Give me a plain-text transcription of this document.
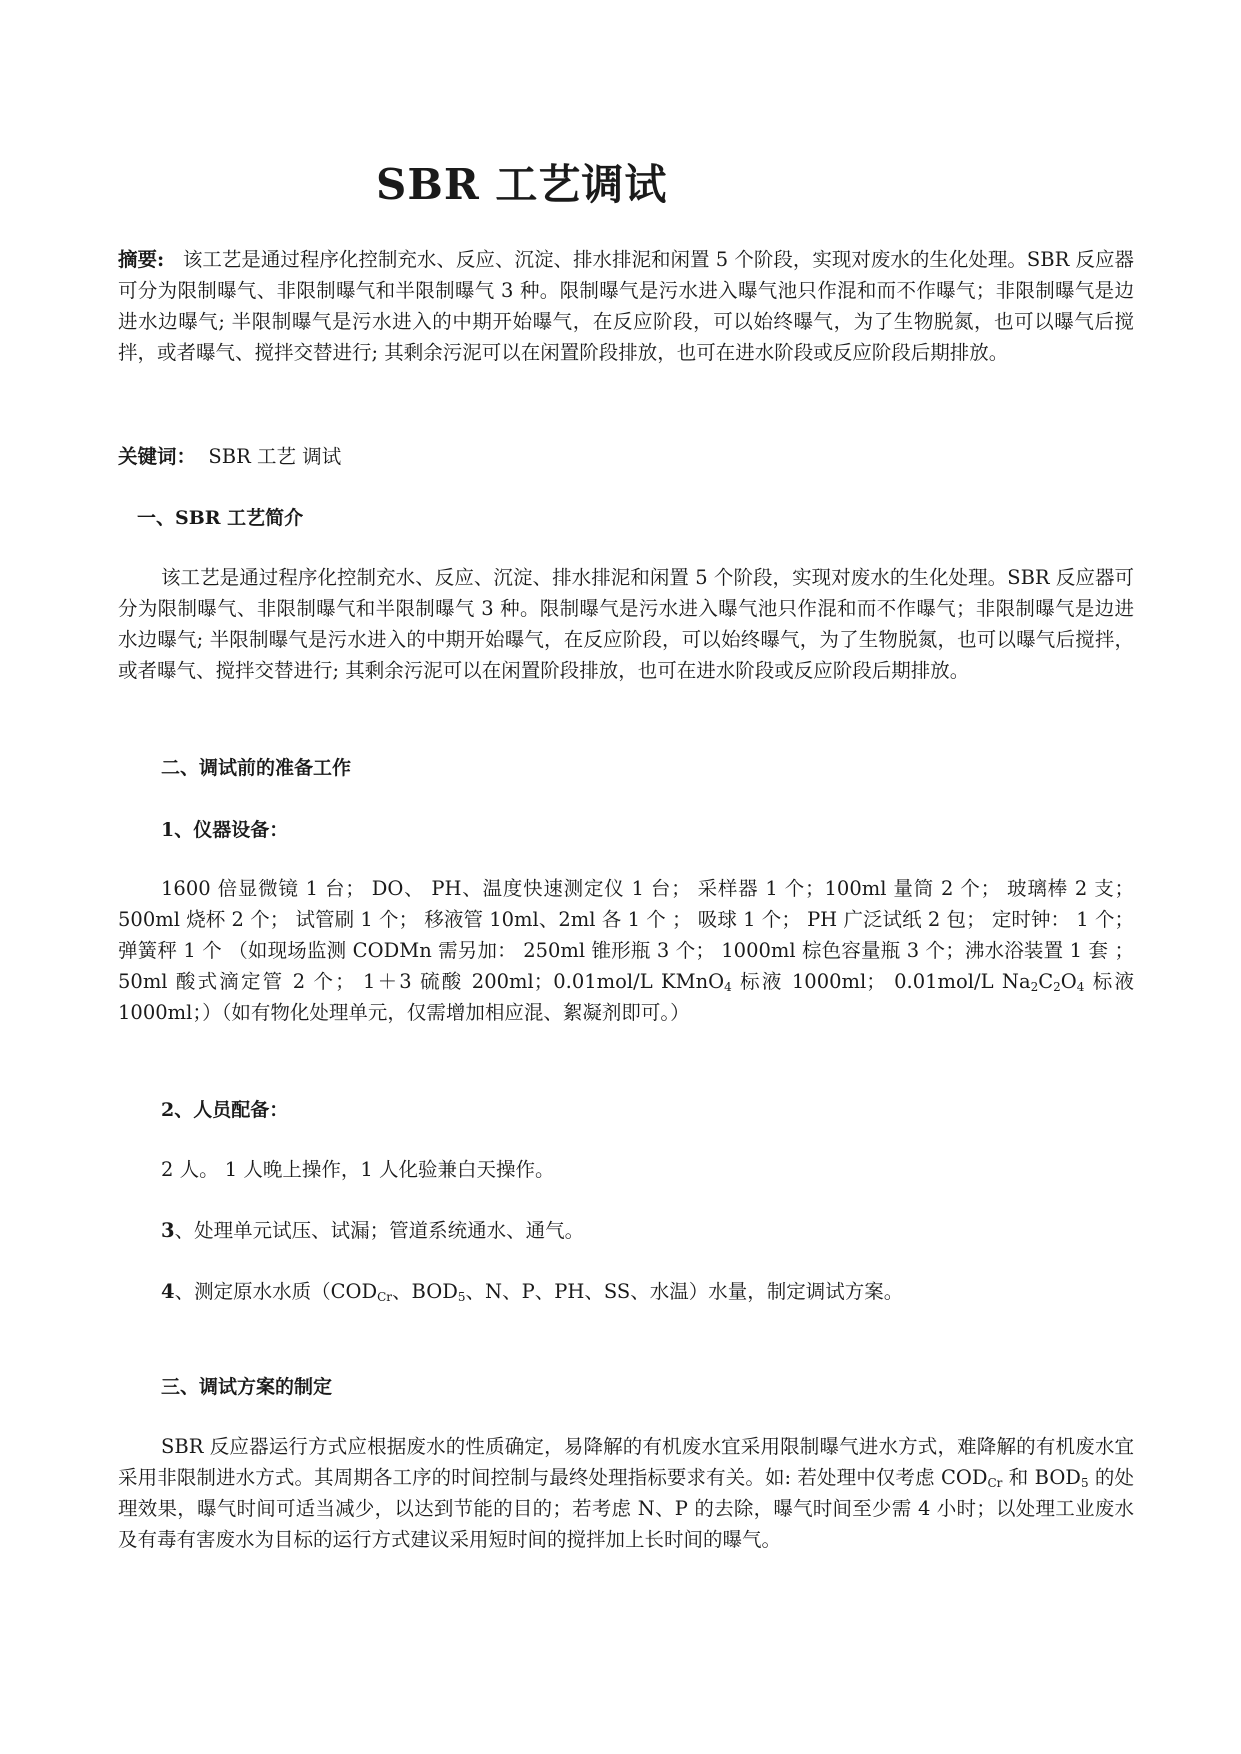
SBR 工艺调试
摘要: 该工艺是通过程序化控制充水、反应、沉淀、排水排泥和闲置 5 个阶段，实现对废水的生化处理。SBR 反应器可分为限制曝气、非限制曝气和半限制曝气 3 种。限制曝气是污水进入曝气池只作混和而不作曝气；非限制曝气是边进水边曝气; 半限制曝气是污水进入的中期开始曝气，在反应阶段，可以始终曝气，为了生物脱氮，也可以曝气后搅拌，或者曝气、搅拌交替进行; 其剩余污泥可以在闲置阶段排放，也可在进水阶段或反应阶段后期排放。
关键词： SBR 工艺 调试
一、SBR 工艺简介
该工艺是通过程序化控制充水、反应、沉淀、排水排泥和闲置 5 个阶段，实现对废水的生化处理。SBR 反应器可分为限制曝气、非限制曝气和半限制曝气 3 种。限制曝气是污水进入曝气池只作混和而不作曝气；非限制曝气是边进水边曝气; 半限制曝气是污水进入的中期开始曝气，在反应阶段，可以始终曝气，为了生物脱氮，也可以曝气后搅拌，或者曝气、搅拌交替进行; 其剩余污泥可以在闲置阶段排放，也可在进水阶段或反应阶段后期排放。
二、调试前的准备工作
1、仪器设备：
1600 倍显微镜 1 台； DO、 PH、温度快速测定仪 1 台； 采样器 1 个；100ml 量筒 2 个； 玻璃棒 2 支； 500ml 烧杯 2 个； 试管刷 1 个； 移液管 10ml、2ml 各 1 个 ； 吸球 1 个； PH 广泛试纸 2 包； 定时钟： 1 个； 弹簧秤 1 个 （如现场监测 CODMn 需另加： 250ml 锥形瓶 3 个； 1000ml 棕色容量瓶 3 个；沸水浴装置 1 套 ； 50ml 酸式滴定管 2 个； 1＋3 硫酸 200ml；0.01mol/L KMnO$_4$ 标液 1000ml； 0.01mol/L $Na_2C_2O_4$ 标液 1000ml；）（如有物化处理单元，仅需增加相应混、絮凝剂即可。）
2、人员配备：
2 人。 1 人晚上操作，1 人化验兼白天操作。
3、处理单元试压、试漏；管道系统通水、通气。
4、测定原水水质（$COD_{Cr}$、$BOD_5$、N、P、PH、SS、水温）水量，制定调试方案。
三、调试方案的制定
SBR 反应器运行方式应根据废水的性质确定，易降解的有机废水宜采用限制曝气进水方式，难降解的有机废水宜采用非限制进水方式。其周期各工序的时间控制与最终处理指标要求有关。如: 若处理中仅考虑 $COD_{Cr}$ 和 $BOD_5$ 的处理效果，曝气时间可适当减少，以达到节能的目的；若考虑 N、P 的去除，曝气时间至少需 4 小时；以处理工业废水及有毒有害废水为目标的运行方式建议采用短时间的搅拌加上长时间的曝气。
